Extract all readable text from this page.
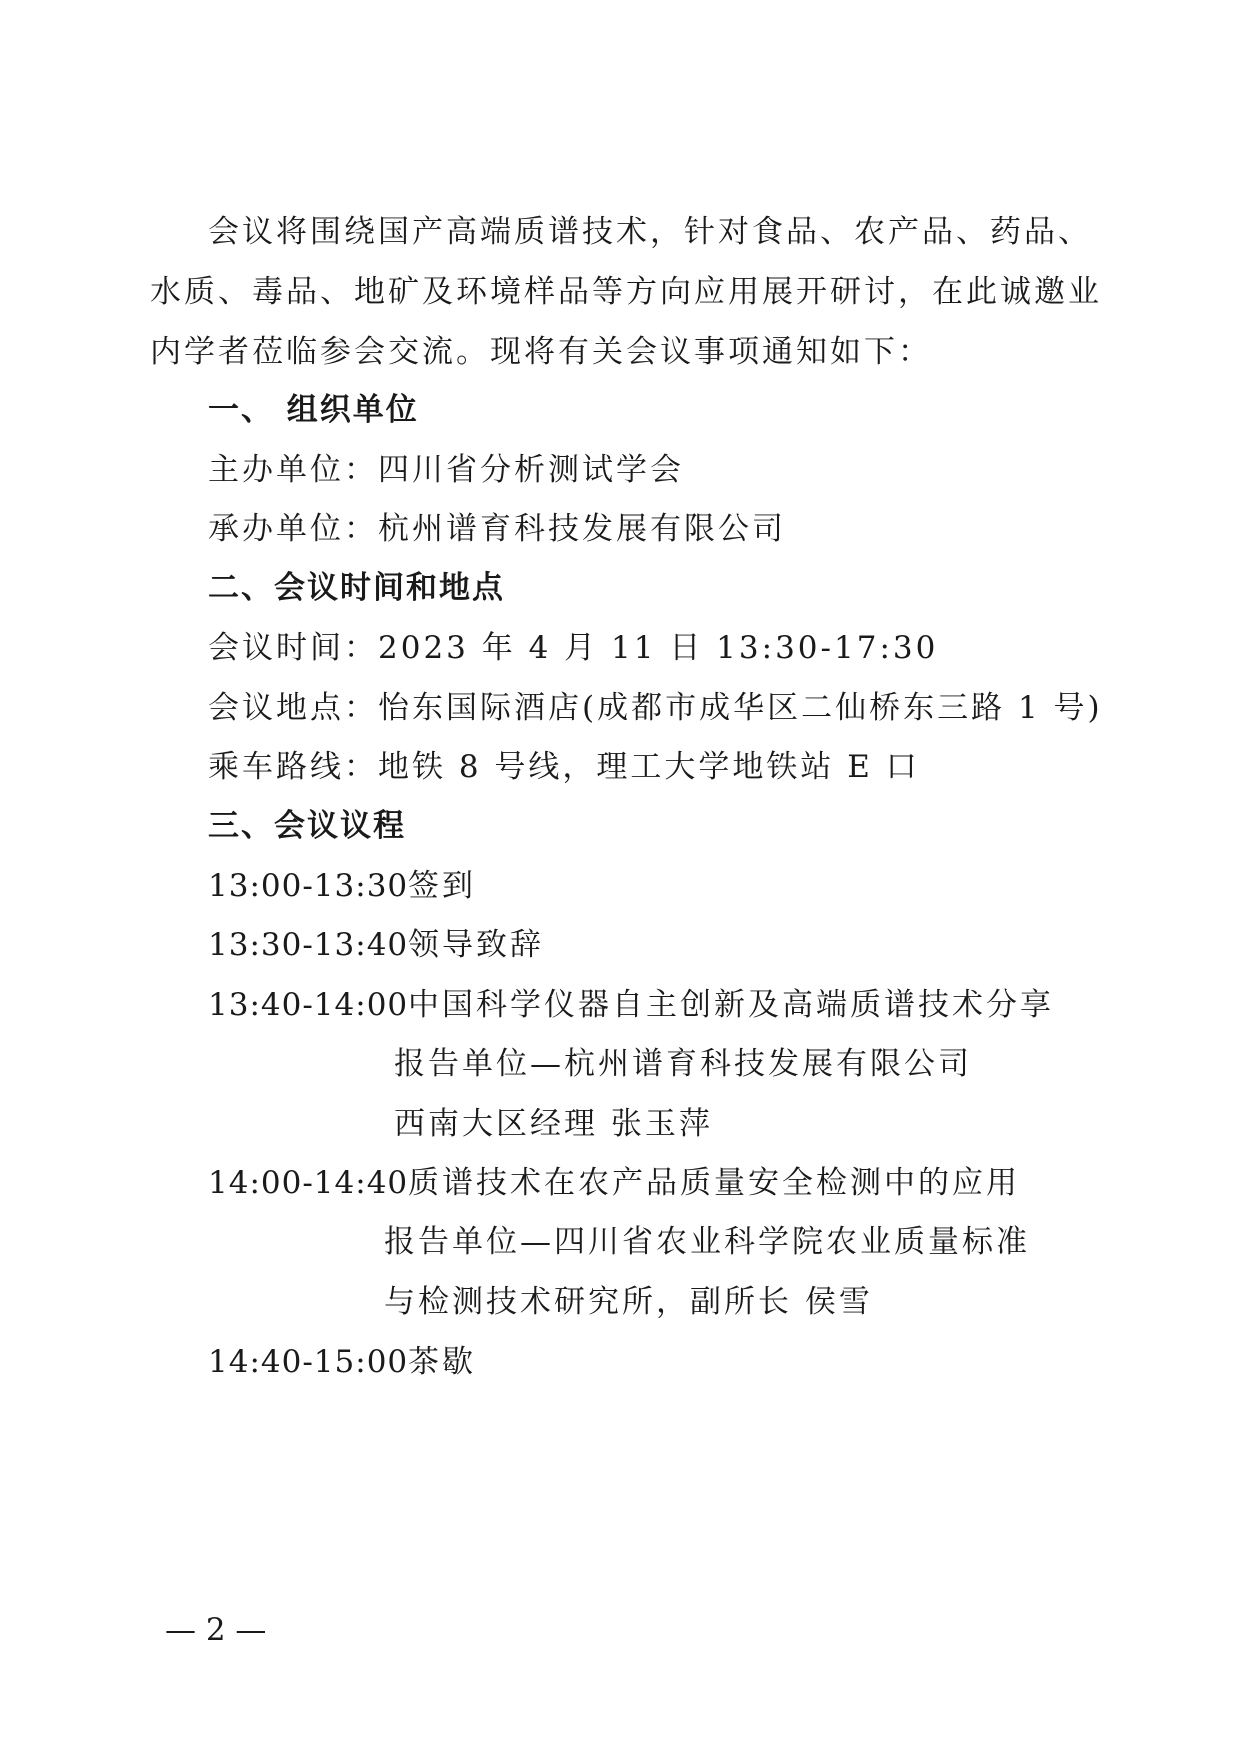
会议将围绕国产高端质谱技术，针对食品、农产品、药品、
水质、毒品、地矿及环境样品等方向应用展开研讨，在此诚邀业
内学者莅临参会交流。现将有关会议事项通知如下：
一、 组织单位
主办单位：四川省分析测试学会
承办单位：杭州谱育科技发展有限公司
二、会议时间和地点
会议时间：2023 年 4 月 11 日 13:30-17:30
会议地点：怡东国际酒店(成都市成华区二仙桥东三路 1 号)
乘车路线：地铁 8 号线，理工大学地铁站 E 口
三、会议议程
13:00-13:30签到
13:30-13:40领导致辞
13:40-14:00中国科学仪器自主创新及高端质谱技术分享
报告单位—杭州谱育科技发展有限公司
西南大区经理 张玉萍
14:00-14:40质谱技术在农产品质量安全检测中的应用
报告单位—四川省农业科学院农业质量标准
与检测技术研究所，副所长 侯雪
14:40-15:00茶歇
— 2 —
